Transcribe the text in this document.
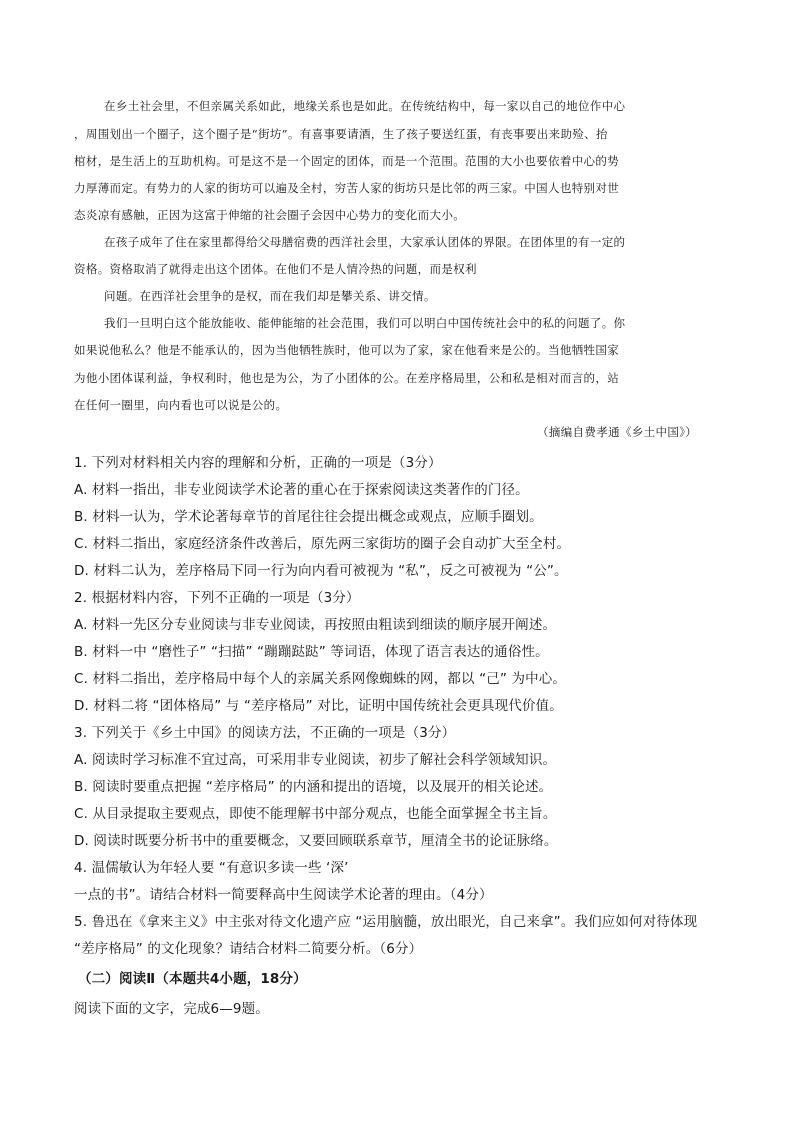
在乡土社会里，不但亲属关系如此，地缘关系也是如此。在传统结构中，每一家以自己的地位作中心
，周围划出一个圈子，这个圈子是“街坊”。有喜事要请酒，生了孩子要送红蛋，有丧事要出来助殓、抬
棺材，是生活上的互助机构。可是这不是一个固定的团体，而是一个范围。范围的大小也要依着中心的势
力厚薄而定。有势力的人家的街坊可以遍及全村，穷苦人家的街坊只是比邻的两三家。中国人也特别对世
态炎凉有感触，正因为这富于伸缩的社会圈子会因中心势力的变化而大小。
在孩子成年了住在家里都得给父母膳宿费的西洋社会里，大家承认团体的界限。在团体里的有一定的
资格。资格取消了就得走出这个团体。在他们不是人情冷热的问题，而是权利
问题。在西洋社会里争的是权，而在我们却是攀关系、讲交情。
我们一旦明白这个能放能收、能伸能缩的社会范围，我们可以明白中国传统社会中的私的问题了。你
如果说他私么？他是不能承认的，因为当他牺牲族时，他可以为了家，家在他看来是公的。当他牺牲国家
为他小团体谋利益，争权利时，他也是为公，为了小团体的公。在差序格局里，公和私是相对而言的，站
在任何一圈里，向内看也可以说是公的。
（摘编自费孝通《乡土中国》）
1. 下列对材料相关内容的理解和分析，正确的一项是（3分）
A. 材料一指出，非专业阅读学术论著的重心在于探索阅读这类著作的门径。
B. 材料一认为，学术论著每章节的首尾往往会提出概念或观点，应顺手圈划。
C. 材料二指出，家庭经济条件改善后，原先两三家街坊的圈子会自动扩大至全村。
D. 材料二认为，差序格局下同一行为向内看可被视为 “私”，反之可被视为 “公”。
2. 根据材料内容，下列不正确的一项是（3分）
A. 材料一先区分专业阅读与非专业阅读，再按照由粗读到细读的顺序展开阐述。
B. 材料一中 “磨性子” “扫描” “蹦蹦跶跶” 等词语，体现了语言表达的通俗性。
C. 材料二指出，差序格局中每个人的亲属关系网像蜘蛛的网，都以 “己” 为中心。
D. 材料二将 “团体格局” 与 “差序格局” 对比，证明中国传统社会更具现代价值。
3. 下列关于《乡土中国》的阅读方法，不正确的一项是（3分）
A. 阅读时学习标准不宜过高，可采用非专业阅读，初步了解社会科学领域知识。
B. 阅读时要重点把握 “差序格局” 的内涵和提出的语境，以及展开的相关论述。
C. 从目录提取主要观点，即使不能理解书中部分观点，也能全面掌握全书主旨。
D. 阅读时既要分析书中的重要概念，又要回顾联系章节，厘清全书的论证脉络。
4. 温儒敏认为年轻人要 “有意识多读一些 ‘深’
一点的书”。请结合材料一简要释高中生阅读学术论著的理由。（4分）
5. 鲁迅在《拿来主义》中主张对待文化遗产应 “运用脑髓，放出眼光，自己来拿”。我们应如何对待体现
“差序格局” 的文化现象？请结合材料二简要分析。（6分）
（二）阅读Ⅱ（本题共4小题，18分）
阅读下面的文字，完成6—9题。
